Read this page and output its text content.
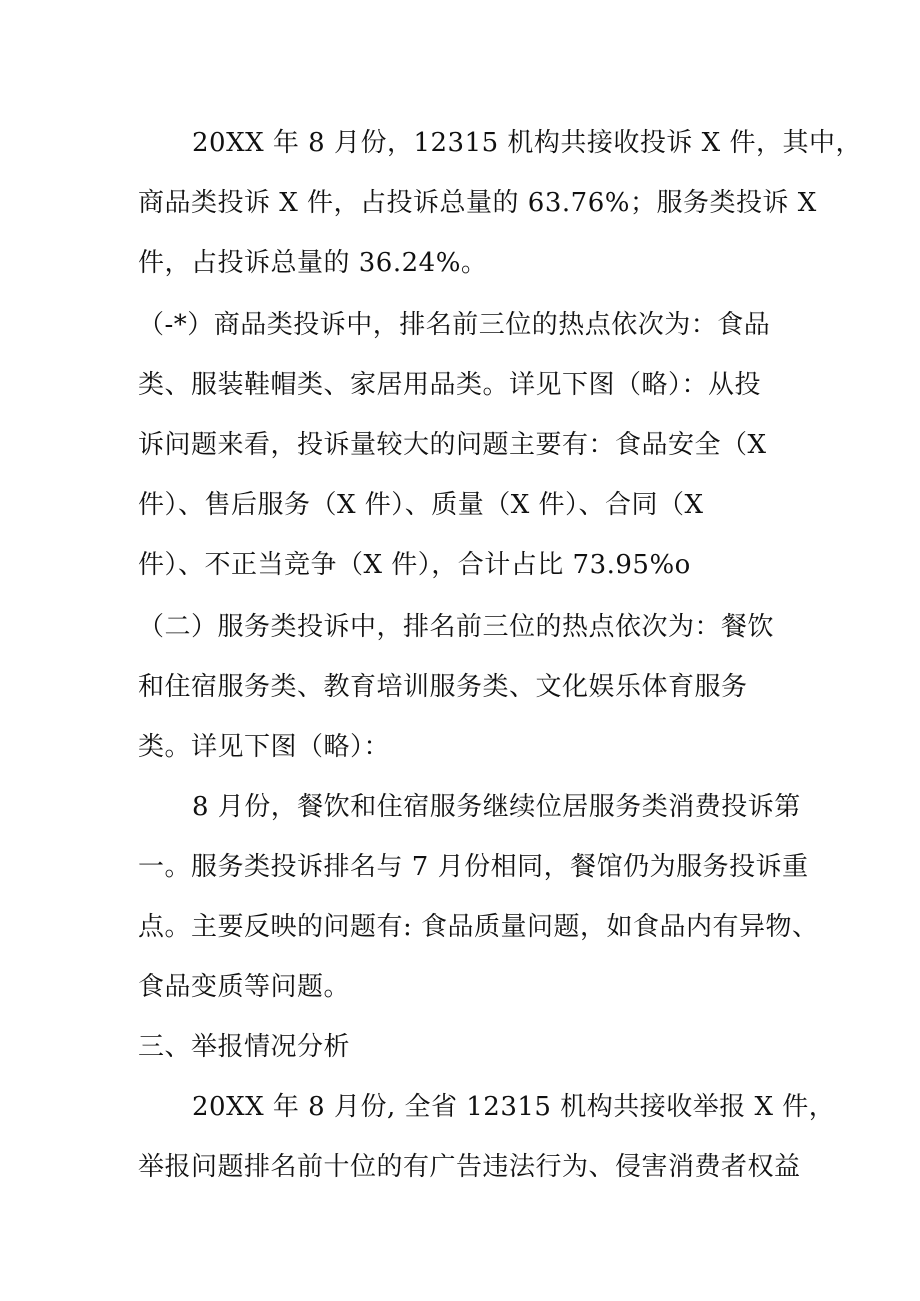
20XX 年 8 月份，12315 机构共接收投诉 X 件，其中，
商品类投诉 X 件，占投诉总量的 63.76%；服务类投诉 X
件，占投诉总量的 36.24%。
（-*）商品类投诉中，排名前三位的热点依次为：食品
类、服装鞋帽类、家居用品类。详见下图（略）：从投
诉问题来看，投诉量较大的问题主要有：食品安全（X
件）、售后服务（X 件）、质量（X 件）、合同（X
件）、不正当竞争（X 件），合计占比 73.95%o
（二）服务类投诉中，排名前三位的热点依次为：餐饮
和住宿服务类、教育培训服务类、文化娱乐体育服务
类。详见下图（略）：
8 月份，餐饮和住宿服务继续位居服务类消费投诉第
一。服务类投诉排名与 7 月份相同，餐馆仍为服务投诉重
点。主要反映的问题有: 食品质量问题，如食品内有异物、
食品变质等问题。
三、举报情况分析
20XX 年 8 月份, 全省 12315 机构共接收举报 X 件，
举报问题排名前十位的有广告违法行为、侵害消费者权益
